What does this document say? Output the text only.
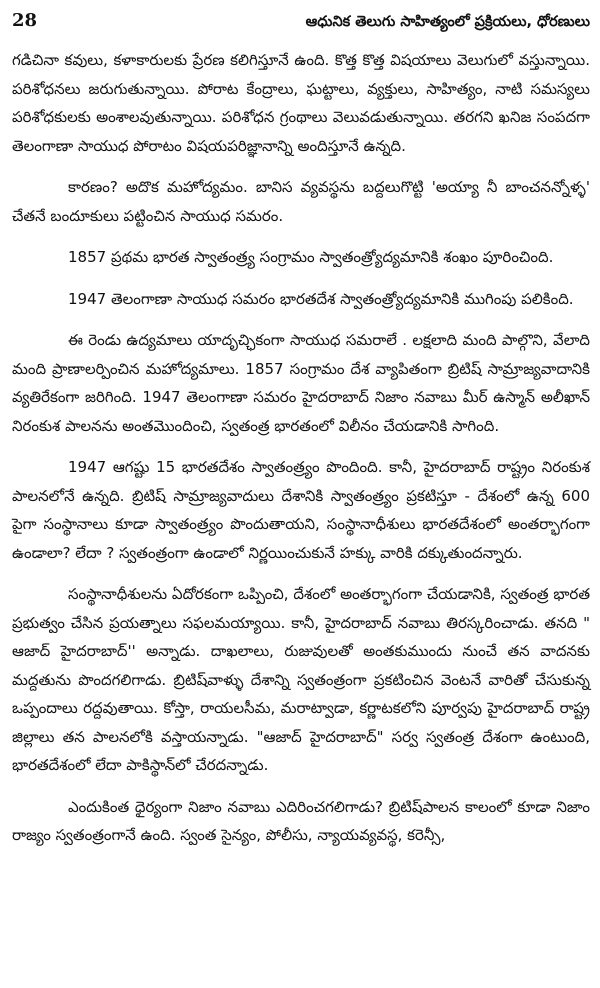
28	ఆధునిక తెలుగు సాహిత్యంలో ప్రక్రియలు, ధోరణులు

గడిచినా కవులు, కళాకారులకు ప్రేరణ కలిగిస్తూనే ఉంది. కొత్త కొత్త విషయాలు వెలుగులో వస్తున్నాయి. పరిశోధనలు జరుగుతున్నాయి. పోరాట కేంద్రాలు, ఘట్టాలు, వ్యక్తులు, సాహిత్యం, నాటి సమస్యలు పరిశోధకులకు అంశాలవుతున్నాయి. పరిశోధన గ్రంథాలు వెలువడుతున్నాయి. తరగని ఖనిజ సంపదగా తెలంగాణా సాయుధ పోరాటం విషయపరిజ్ఞానాన్ని అందిస్తూనే ఉన్నది.

కారణం? అదొక మహోద్యమం. బానిస వ్యవస్థను బద్దలుగొట్టి 'అయ్యా నీ బాంచనన్నోళ్ళ' చేతనే బందూకులు పట్టించిన సాయుధ సమరం.

1857 ప్రథమ భారత స్వాతంత్ర్య సంగ్రామం స్వాతంత్ర్యోద్యమానికి శంఖం పూరించింది.

1947 తెలంగాణా సాయుధ సమరం భారతదేశ స్వాతంత్ర్యోద్యమానికి ముగింపు పలికింది.

ఈ రెండు ఉద్యమాలు యాదృచ్ఛికంగా సాయుధ సమరాలే . లక్షలాది మంది పాల్గొని, వేలాది మంది ప్రాణాలర్పించిన మహోద్యమాలు. 1857 సంగ్రామం దేశ వ్యాపితంగా బ్రిటిష్ సామ్రాజ్యవాదానికి వ్యతిరేకంగా జరిగింది. 1947 తెలంగాణా సమరం హైదరాబాద్ నిజాం నవాబు మీర్ ఉస్మాన్ అలీఖాన్ నిరంకుశ పాలనను అంతమొందించి, స్వతంత్ర భారతంలో విలీనం చేయడానికి సాగింది.

1947 ఆగష్టు 15 భారతదేశం స్వాతంత్ర్యం పొందింది. కానీ, హైదరాబాద్ రాష్ట్రం నిరంకుశ పాలనలోనే ఉన్నది. బ్రిటిష్ సామ్రాజ్యవాదులు దేశానికి స్వాతంత్ర్యం ప్రకటిస్తూ - దేశంలో ఉన్న 600 పైగా సంస్థానాలు కూడా స్వాతంత్ర్యం పొందుతాయని, సంస్థానాధీశులు భారతదేశంలో అంతర్భాగంగా ఉండాలా? లేదా ? స్వతంత్రంగా ఉండాలో నిర్ణయించుకునే హక్కు వారికి దక్కుతుందన్నారు.

సంస్థానాధీశులను ఏదోరకంగా ఒప్పించి, దేశంలో అంతర్భాగంగా చేయడానికి, స్వతంత్ర భారత ప్రభుత్వం చేసిన ప్రయత్నాలు సఫలమయ్యాయి. కానీ, హైదరాబాద్ నవాబు తిరస్కరించాడు. తనది " ఆజాద్ హైదరాబాద్'' అన్నాడు. దాఖలాలు, రుజువులతో అంతకుముందు నుంచే తన వాదనకు మద్దతును పొందగలిగాడు. బ్రిటిష్‌వాళ్ళు దేశాన్ని స్వతంత్రంగా ప్రకటించిన వెంటనే వారితో చేసుకున్న ఒప్పందాలు రద్దవుతాయి. కోస్తా, రాయలసీమ, మరాట్వాడా, కర్ణాటకలోని పూర్వపు హైదరాబాద్ రాష్ట్ర జిల్లాలు తన పాలనలోకి వస్తాయన్నాడు. "ఆజాద్ హైదరాబాద్" సర్వ స్వతంత్ర దేశంగా ఉంటుంది, భారతదేశంలో లేదా పాకిస్థాన్‌లో చేరదన్నాడు.

ఎందుకింత ధైర్యంగా నిజాం నవాబు ఎదిరించగలిగాడు? బ్రిటిష్‌పాలన కాలంలో కూడా నిజాం రాజ్యం స్వతంత్రంగానే ఉంది. స్వంత సైన్యం, పోలీసు, న్యాయవ్యవస్థ, కరెన్సీ,
